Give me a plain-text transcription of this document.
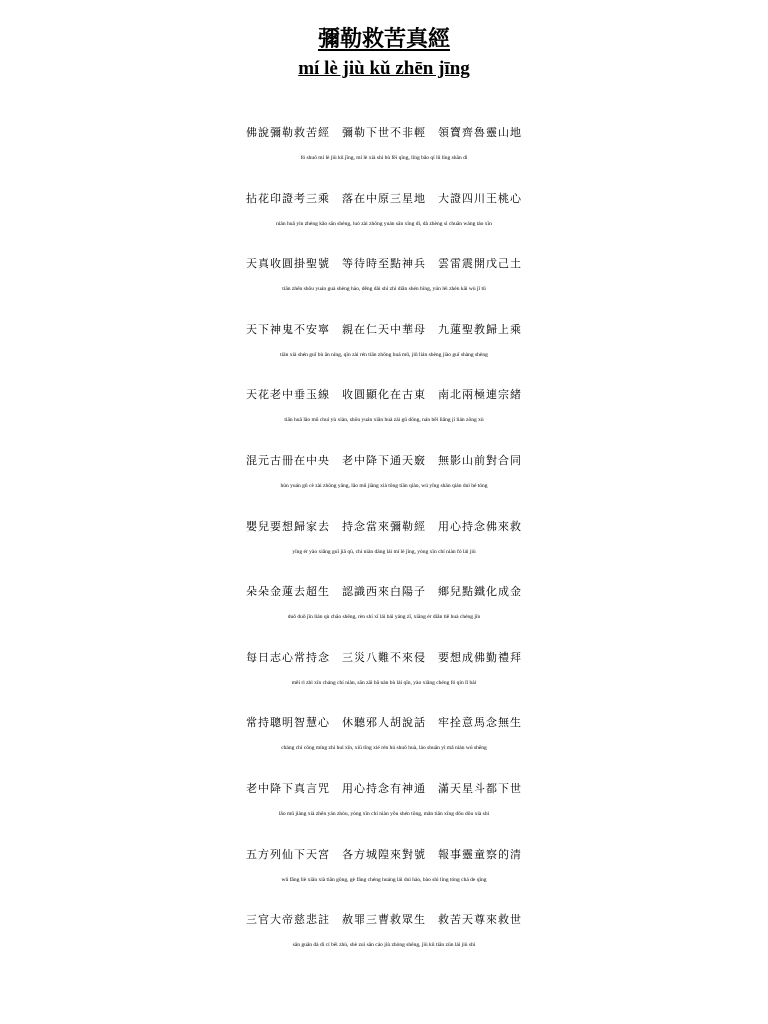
彌勒救苦真經
mí lè jiù kǔ zhēn jīng
佛說彌勒救苦經　彌勒下世不非輕　領寶齊魯靈山地
fó shuō mí lè jiù kǔ jīng, mí lè xià shì bù fēi qīng, lǐng bǎo qí lǔ líng shān dì
拈花印證考三乘　落在中原三星地　大證四川王桃心
niān huā yìn zhèng kǎo sān shèng, luò zài zhōng yuán sān xīng dì, dà zhèng sì chuān wáng táo xīn
天真收圓掛聖號　等待時至點神兵　雲雷震開戊己土
tiān zhēn shōu yuán guà shèng hào, děng dài shí zhì diǎn shén bīng, yún léi zhèn kāi wù jǐ tǔ
天下神鬼不安寧　親在仁天中華母　九蓮聖教歸上乘
tiān xià shén guǐ bù ān níng, qīn zài rén tiān zhōng huá mǔ, jiǔ lián shèng jiào guī shàng shèng
天花老中垂玉線　收圓顯化在古東　南北兩極連宗緒
tiān huā lǎo mǔ chuí yù xiàn, shōu yuán xiǎn huà zài gǔ dōng, nán běi liǎng jí lián zōng xù
混元古冊在中央　老中降下通天竅　無影山前對合同
hùn yuán gǔ cè zài zhōng yāng, lǎo mǔ jiàng xià tōng tiān qiào, wú yǐng shān qián duì hé tóng
嬰兒要想歸家去　持念當來彌勒經　用心持念佛來救
yīng ér yào xiǎng guī jiā qù, chí niàn dāng lái mí lè jīng, yòng xīn chí niàn fó lái jiù
朵朵金蓮去超生　認識西來白陽子　鄉兒點鐵化成金
duǒ duǒ jīn lián qù chāo shēng, rèn shí xī lái bái yáng zǐ, xiāng ér diǎn tiě huà chéng jīn
每日志心常持念　三災八難不來侵　要想成佛勤禮拜
měi rì zhì xīn cháng chí niàn, sān zāi bā nàn bù lái qīn, yào xiǎng chéng fó qín lǐ bài
常持聰明智慧心　休聽邪人胡說話　牢拴意馬念無生
cháng chí cōng míng zhì huì xīn, xiū tīng xié rén hú shuō huà, láo shuān yì mǎ niàn wú shēng
老中降下真言咒　用心持念有神通　滿天星斗都下世
lǎo mǔ jiàng xià zhēn yán zhòu, yòng xīn chí niàn yǒu shén tōng, mǎn tiān xīng dǒu dōu xià shì
五方列仙下天宮　各方城隍來對號　報事靈童察的清
wǔ fāng liè xiān xià tiān gōng, gè fāng chéng huáng lái duì hào, bào shì líng tóng chá de qīng
三官大帝慈悲註　赦罪三曹救眾生　救苦天尊來救世
sān guān dà dì cí bēi zhù, shè zuì sān cáo jiù zhòng shēng, jiù kǔ tiān zūn lái jiù shì
